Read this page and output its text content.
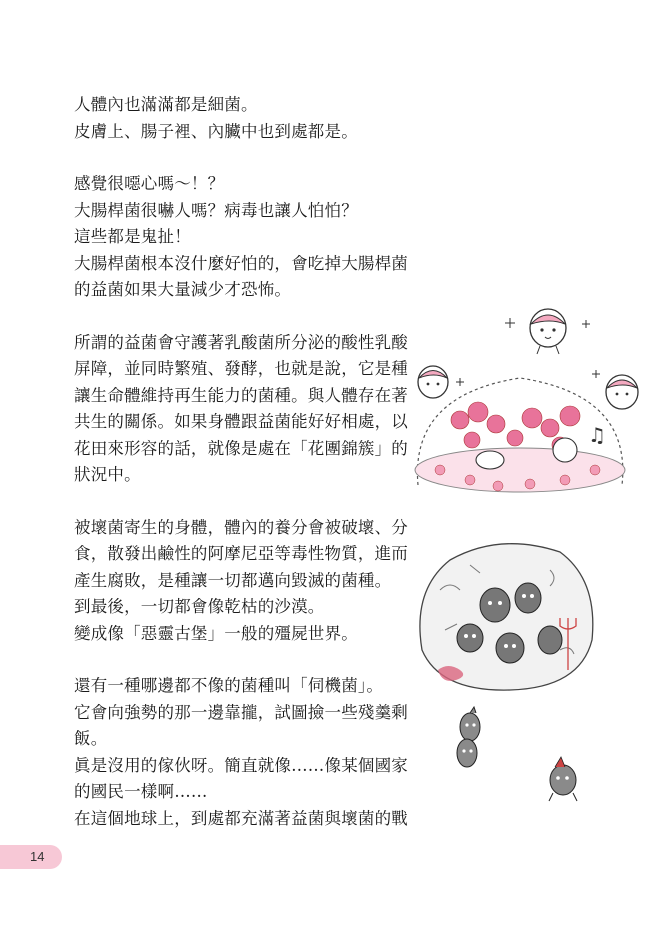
人體內也滿滿都是細菌。
皮膚上、腸子裡、內臟中也到處都是。
感覺很噁心嗎～！？
大腸桿菌很嚇人嗎？病毒也讓人怕怕？
這些都是鬼扯！
大腸桿菌根本沒什麼好怕的，會吃掉大腸桿菌
的益菌如果大量減少才恐怖。
所謂的益菌會守護著乳酸菌所分泌的酸性乳酸
屏障，並同時繁殖、發酵，也就是說，它是種
讓生命體維持再生能力的菌種。與人體存在著
共生的關係。如果身體跟益菌能好好相處，以
花田來形容的話，就像是處在「花團錦簇」的
狀況中。
被壞菌寄生的身體，體內的養分會被破壞、分
食，散發出鹼性的阿摩尼亞等毒性物質，進而
產生腐敗，是種讓一切都邁向毀滅的菌種。
到最後，一切都會像乾枯的沙漠。
變成像「惡靈古堡」一般的殭屍世界。
還有一種哪邊都不像的菌種叫「伺機菌」。
它會向強勢的那一邊靠攏，試圖撿一些殘羹剩
飯。
眞是沒用的傢伙呀。簡直就像……像某個國家
的國民一樣啊……
在這個地球上，到處都充滿著益菌與壞菌的戰
♫
14
